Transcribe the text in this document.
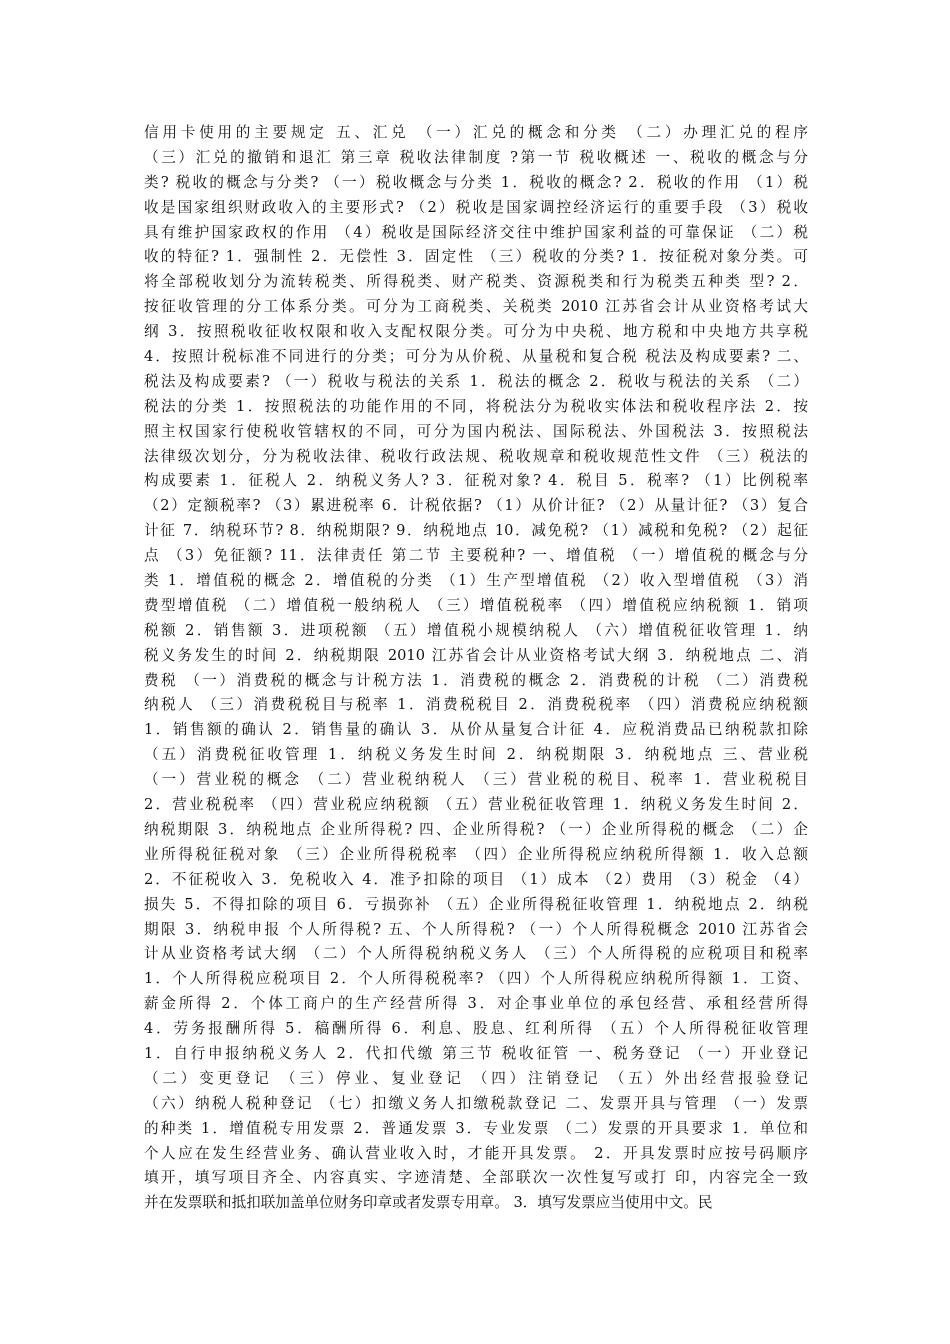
信用卡使用的主要规定 五、汇兑 （一）汇兑的概念和分类 （二）办理汇兑的程序
（三）汇兑的撤销和退汇 第三章 税收法律制度 ?第一节 税收概述 一、税收的概念与分
类? 税收的概念与分类? （一）税收概念与分类 1．税收的概念? 2．税收的作用 （1）税
收是国家组织财政收入的主要形式? （2）税收是国家调控经济运行的重要手段 （3）税收
具有维护国家政权的作用 （4）税收是国际经济交往中维护国家利益的可靠保证 （二）税
收的特征? 1．强制性 2．无偿性 3．固定性 （三）税收的分类? 1．按征税对象分类。可
将全部税收划分为流转税类、所得税类、财产税类、资源税类和行为税类五种类 型? 2．
按征收管理的分工体系分类。可分为工商税类、关税类 2010 江苏省会计从业资格考试大
纲 3．按照税收征收权限和收入支配权限分类。可分为中央税、地方税和中央地方共享税
4．按照计税标准不同进行的分类；可分为从价税、从量税和复合税 税法及构成要素? 二、
税法及构成要素? （一）税收与税法的关系 1．税法的概念 2．税收与税法的关系 （二）
税法的分类 1．按照税法的功能作用的不同，将税法分为税收实体法和税收程序法 2．按
照主权国家行使税收管辖权的不同，可分为国内税法、国际税法、外国税法 3．按照税法
法律级次划分，分为税收法律、税收行政法规、税收规章和税收规范性文件 （三）税法的
构成要素 1．征税人 2．纳税义务人? 3．征税对象? 4．税目 5．税率? （1）比例税率
（2）定额税率? （3）累进税率 6．计税依据? （1）从价计征? （2）从量计征? （3）复合
计征 7．纳税环节? 8．纳税期限? 9．纳税地点 10．减免税? （1）减税和免税? （2）起征
点 （3）免征额? 11．法律责任 第二节 主要税种? 一、增值税 （一）增值税的概念与分
类 1．增值税的概念 2．增值税的分类 （1）生产型增值税 （2）收入型增值税 （3）消
费型增值税 （二）增值税一般纳税人 （三）增值税税率 （四）增值税应纳税额 1．销项
税额 2．销售额 3．进项税额 （五）增值税小规模纳税人 （六）增值税征收管理 1．纳
税义务发生的时间 2．纳税期限 2010 江苏省会计从业资格考试大纲 3．纳税地点 二、消
费税 （一）消费税的概念与计税方法 1．消费税的概念 2．消费税的计税 （二）消费税
纳税人 （三）消费税税目与税率 1．消费税税目 2．消费税税率 （四）消费税应纳税额
1．销售额的确认 2．销售量的确认 3．从价从量复合计征 4．应税消费品已纳税款扣除
（五）消费税征收管理 1．纳税义务发生时间 2．纳税期限 3．纳税地点 三、营业税
（一）营业税的概念 （二）营业税纳税人 （三）营业税的税目、税率 1．营业税税目
2．营业税税率 （四）营业税应纳税额 （五）营业税征收管理 1．纳税义务发生时间 2．
纳税期限 3．纳税地点 企业所得税? 四、企业所得税? （一）企业所得税的概念 （二）企
业所得税征税对象 （三）企业所得税税率 （四）企业所得税应纳税所得额 1．收入总额
2．不征税收入 3．免税收入 4．准予扣除的项目 （1）成本 （2）费用 （3）税金 （4）
损失 5．不得扣除的项目 6．亏损弥补 （五）企业所得税征收管理 1．纳税地点 2．纳税
期限 3．纳税申报 个人所得税? 五、个人所得税? （一）个人所得税概念 2010 江苏省会
计从业资格考试大纲 （二）个人所得税纳税义务人 （三）个人所得税的应税项目和税率
1．个人所得税应税项目 2．个人所得税税率? （四）个人所得税应纳税所得额 1．工资、
薪金所得 2．个体工商户的生产经营所得 3．对企事业单位的承包经营、承租经营所得
4．劳务报酬所得 5．稿酬所得 6．利息、股息、红利所得 （五）个人所得税征收管理
1．自行申报纳税义务人 2．代扣代缴 第三节 税收征管 一、税务登记 （一）开业登记
（二）变更登记 （三）停业、复业登记 （四）注销登记 （五）外出经营报验登记
（六）纳税人税种登记 （七）扣缴义务人扣缴税款登记 二、发票开具与管理 （一）发票
的种类 1．增值税专用发票 2．普通发票 3．专业发票 （二）发票的开具要求 1．单位和
个人应在发生经营业务、确认营业收入时，才能开具发票。 2．开具发票时应按号码顺序
填开，填写项目齐全、内容真实、字迹清楚、全部联次一次性复写或打 印，内容完全一致
并在发票联和抵扣联加盖单位财务印章或者发票专用章。 3．填写发票应当使用中文。民
